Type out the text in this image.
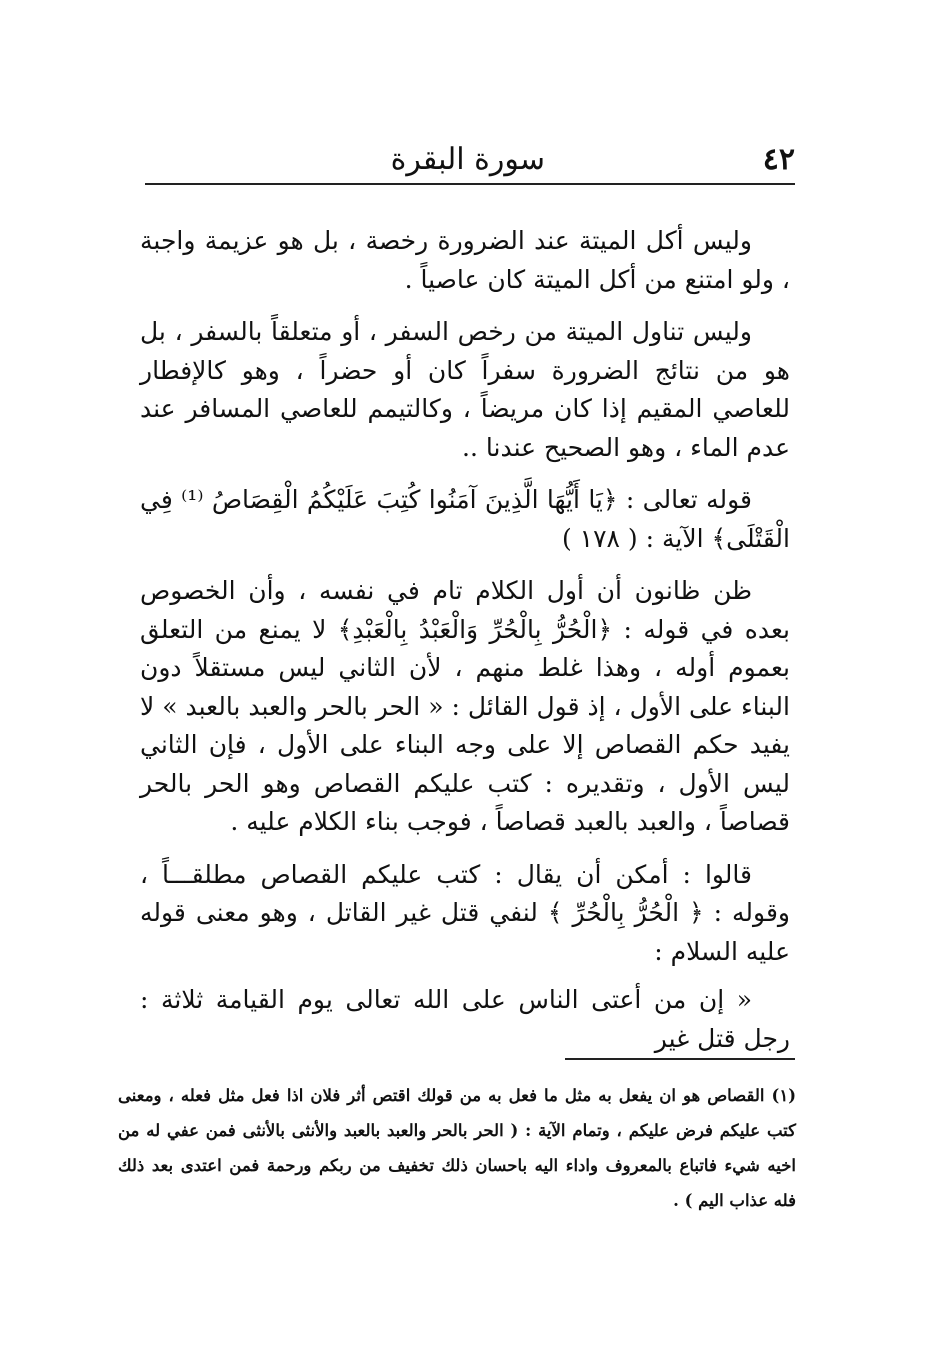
٤٢
سورة البقرة

وليس أكل الميتة عند الضرورة رخصة ، بل هو عزيمة واجبة ، ولو امتنع من أكل الميتة كان عاصياً .

وليس تناول الميتة من رخص السفر ، أو متعلقاً بالسفر ، بل هو من نتائج الضرورة سفراً كان أو حضراً ، وهو كالإفطار للعاصي المقيم إذا كان مريضاً ، وكالتيمم للعاصي المسافر عند عدم الماء ، وهو الصحيح عندنا ..

قوله تعالى : ﴿يَا أَيُّهَا الَّذِينَ آمَنُوا كُتِبَ عَلَيْكُمُ الْقِصَاصُ ⁽¹⁾ فِي الْقَتْلَى﴾ الآية : ( ١٧٨ )

ظن ظانون أن أول الكلام تام في نفسه ، وأن الخصوص بعده في قوله : ﴿الْحُرُّ بِالْحُرِّ وَالْعَبْدُ بِالْعَبْدِ﴾ لا يمنع من التعلق بعموم أوله ، وهذا غلط منهم ، لأن الثاني ليس مستقلاً دون البناء على الأول ، إذ قول القائل : « الحر بالحر والعبد بالعبد » لا يفيد حكم القصاص إلا على وجه البناء على الأول ، فإن الثاني ليس الأول ، وتقديره : كتب عليكم القصاص وهو الحر بالحر قصاصاً ، والعبد بالعبد قصاصاً ، فوجب بناء الكلام عليه .

قالوا : أمكن أن يقال : كتب عليكم القصاص مطلقـــاً ، وقوله : ﴿ الْحُرُّ بِالْحُرِّ ﴾ لنفي قتل غير القاتل ، وهو معنى قوله عليه السلام :

« إن من أعتى الناس على الله تعالى يوم القيامة ثلاثة : رجل قتل غير

(١) القصاص هو ان يفعل به مثل ما فعل به من قولك اقتص أثر فلان اذا فعل مثل فعله ، ومعنى كتب عليكم فرض عليكم ، وتمام الآية : ( الحر بالحر والعبد بالعبد والأنثى بالأنثى فمن عفي له من اخيه شيء فاتباع بالمعروف واداء اليه باحسان ذلك تخفيف من ربكم ورحمة فمن اعتدى بعد ذلك فله عذاب اليم ) .
